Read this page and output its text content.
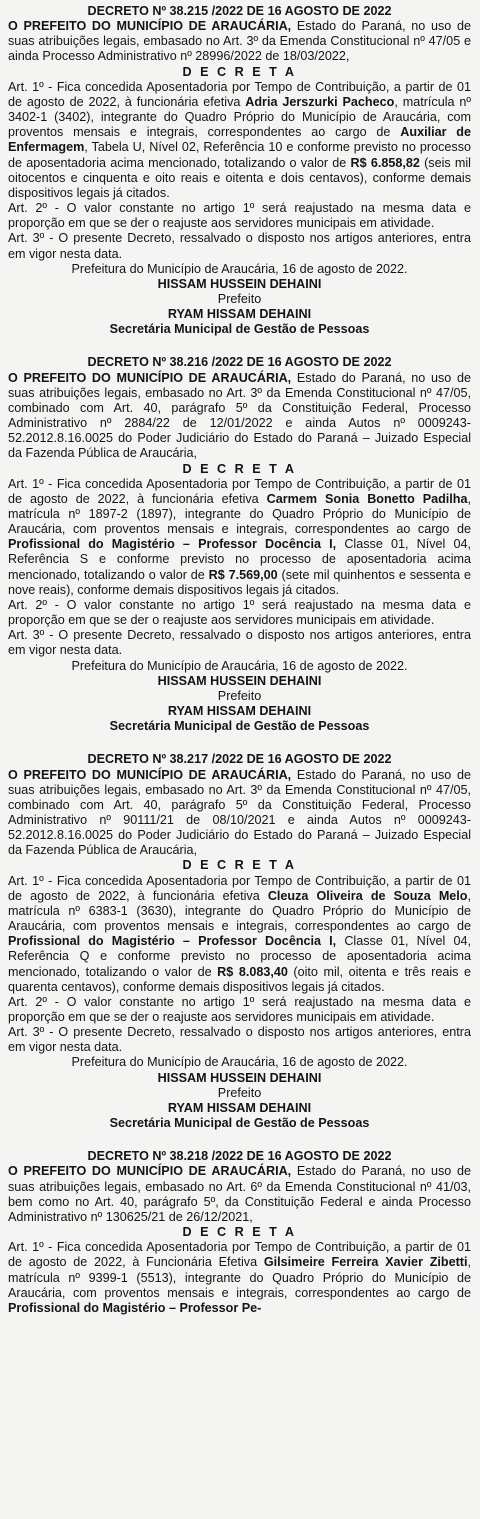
DECRETO Nº 38.215 /2022 DE 16 AGOSTO DE 2022

O PREFEITO DO MUNICÍPIO DE ARAUCÁRIA, Estado do Paraná, no uso de suas atribuições legais, embasado no Art. 3º da Emenda Constitucional nº 47/05 e ainda Processo Administrativo nº 28996/2022 de 18/03/2022,

D E C R E T A

Art. 1º - Fica concedida Aposentadoria por Tempo de Contribuição, a partir de 01 de agosto de 2022, à funcionária efetiva Adria Jerszurki Pacheco, matrícula nº 3402-1 (3402), integrante do Quadro Próprio do Município de Araucária, com proventos mensais e integrais, correspondentes ao cargo de Auxiliar de Enfermagem, Tabela U, Nível 02, Referência 10 e conforme previsto no processo de aposentadoria acima mencionado, totalizando o valor de R$ 6.858,82 (seis mil oitocentos e cinquenta e oito reais e oitenta e dois centavos), conforme demais dispositivos legais já citados.

Art. 2º - O valor constante no artigo 1º será reajustado na mesma data e proporção em que se der o reajuste aos servidores municipais em atividade.

Art. 3º - O presente Decreto, ressalvado o disposto nos artigos anteriores, entra em vigor nesta data.

Prefeitura do Município de Araucária, 16 de agosto de 2022.
HISSAM HUSSEIN DEHAINI
Prefeito
RYAM HISSAM DEHAINI
Secretária Municipal de Gestão de Pessoas
DECRETO Nº 38.216 /2022 DE 16 AGOSTO DE 2022

O PREFEITO DO MUNICÍPIO DE ARAUCÁRIA, Estado do Paraná, no uso de suas atribuições legais, embasado no Art. 3º da Emenda Constitucional nº 47/05, combinado com Art. 40, parágrafo 5º da Constituição Federal, Processo Administrativo nº 2884/22 de 12/01/2022 e ainda Autos nº 0009243-52.2012.8.16.0025 do Poder Judiciário do Estado do Paraná – Juizado Especial da Fazenda Pública de Araucária,

D E C R E T A

Art. 1º - Fica concedida Aposentadoria por Tempo de Contribuição, a partir de 01 de agosto de 2022, à funcionária efetiva Carmem Sonia Bonetto Padilha, matrícula nº 1897-2 (1897), integrante do Quadro Próprio do Município de Araucária, com proventos mensais e integrais, correspondentes ao cargo de Profissional do Magistério – Professor Docência I, Classe 01, Nível 04, Referência S e conforme previsto no processo de aposentadoria acima mencionado, totalizando o valor de R$ 7.569,00 (sete mil quinhentos e sessenta e nove reais), conforme demais dispositivos legais já citados.

Art. 2º - O valor constante no artigo 1º será reajustado na mesma data e proporção em que se der o reajuste aos servidores municipais em atividade.

Art. 3º - O presente Decreto, ressalvado o disposto nos artigos anteriores, entra em vigor nesta data.

Prefeitura do Município de Araucária, 16 de agosto de 2022.
HISSAM HUSSEIN DEHAINI
Prefeito
RYAM HISSAM DEHAINI
Secretária Municipal de Gestão de Pessoas
DECRETO Nº 38.217 /2022 DE 16 AGOSTO DE 2022

O PREFEITO DO MUNICÍPIO DE ARAUCÁRIA, Estado do Paraná, no uso de suas atribuições legais, embasado no Art. 3º da Emenda Constitucional nº 47/05, combinado com Art. 40, parágrafo 5º da Constituição Federal, Processo Administrativo nº 90111/21 de 08/10/2021 e ainda Autos nº 0009243-52.2012.8.16.0025 do Poder Judiciário do Estado do Paraná – Juizado Especial da Fazenda Pública de Araucária,

D E C R E T A

Art. 1º - Fica concedida Aposentadoria por Tempo de Contribuição, a partir de 01 de agosto de 2022, à funcionária efetiva Cleuza Oliveira de Souza Melo, matrícula nº 6383-1 (3630), integrante do Quadro Próprio do Município de Araucária, com proventos mensais e integrais, correspondentes ao cargo de Profissional do Magistério – Professor Docência I, Classe 01, Nível 04, Referência Q e conforme previsto no processo de aposentadoria acima mencionado, totalizando o valor de R$ 8.083,40 (oito mil, oitenta e três reais e quarenta centavos), conforme demais dispositivos legais já citados.

Art. 2º - O valor constante no artigo 1º será reajustado na mesma data e proporção em que se der o reajuste aos servidores municipais em atividade.

Art. 3º - O presente Decreto, ressalvado o disposto nos artigos anteriores, entra em vigor nesta data.

Prefeitura do Município de Araucária, 16 de agosto de 2022.
HISSAM HUSSEIN DEHAINI
Prefeito
RYAM HISSAM DEHAINI
Secretária Municipal de Gestão de Pessoas
DECRETO Nº 38.218 /2022 DE 16 AGOSTO DE 2022

O PREFEITO DO MUNICÍPIO DE ARAUCÁRIA, Estado do Paraná, no uso de suas atribuições legais, embasado no Art. 6º da Emenda Constitucional nº 41/03, bem como no Art. 40, parágrafo 5º, da Constituição Federal e ainda Processo Administrativo nº 130625/21 de 26/12/2021,

D E C R E T A

Art. 1º - Fica concedida Aposentadoria por Tempo de Contribuição, a partir de 01 de agosto de 2022, à Funcionária Efetiva Gilsimeire Ferreira Xavier Zibetti, matrícula nº 9399-1 (5513), integrante do Quadro Próprio do Município de Araucária, com proventos mensais e integrais, correspondentes ao cargo de Profissional do Magistério – Professor Pe-
